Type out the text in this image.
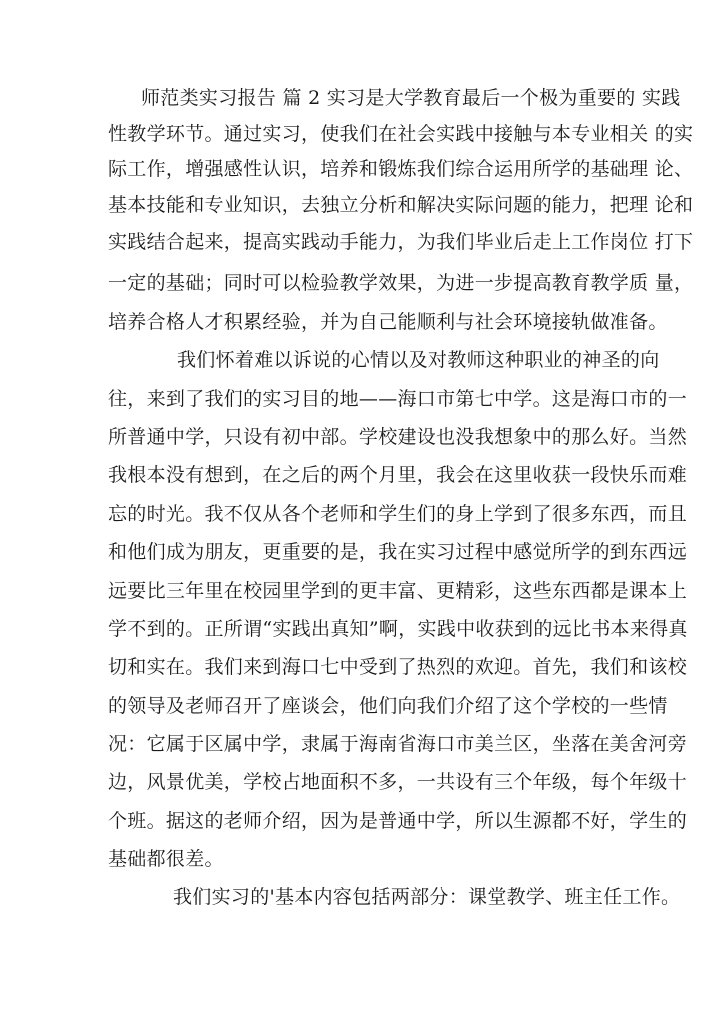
师范类实习报告 篇 2 实习是大学教育最后一个极为重要的 实践
性教学环节。通过实习，使我们在社会实践中接触与本专业相关 的实
际工作，增强感性认识，培养和锻炼我们综合运用所学的基础理 论、
基本技能和专业知识，去独立分析和解决实际问题的能力，把理 论和
实践结合起来，提高实践动手能力，为我们毕业后走上工作岗位 打下
一定的基础；同时可以检验教学效果，为进一步提高教育教学质 量，
培养合格人才积累经验，并为自己能顺利与社会环境接轨做准备。
我们怀着难以诉说的心情以及对教师这种职业的神圣的向
往，来到了我们的实习目的地——海口市第七中学。这是海口市的一
所普通中学，只设有初中部。学校建设也没我想象中的那么好。当然
我根本没有想到，在之后的两个月里，我会在这里收获一段快乐而难
忘的时光。我不仅从各个老师和学生们的身上学到了很多东西，而且
和他们成为朋友，更重要的是，我在实习过程中感觉所学的到东西远
远要比三年里在校园里学到的更丰富、更精彩，这些东西都是课本上
学不到的。正所谓“实践出真知”啊，实践中收获到的远比书本来得真
切和实在。我们来到海口七中受到了热烈的欢迎。首先，我们和该校
的领导及老师召开了座谈会，他们向我们介绍了这个学校的一些情
况：它属于区属中学，隶属于海南省海口市美兰区，坐落在美舍河旁
边，风景优美，学校占地面积不多，一共设有三个年级，每个年级十
个班。据这的老师介绍，因为是普通中学，所以生源都不好，学生的
基础都很差。
我们实习的'基本内容包括两部分：课堂教学、班主任工作。
